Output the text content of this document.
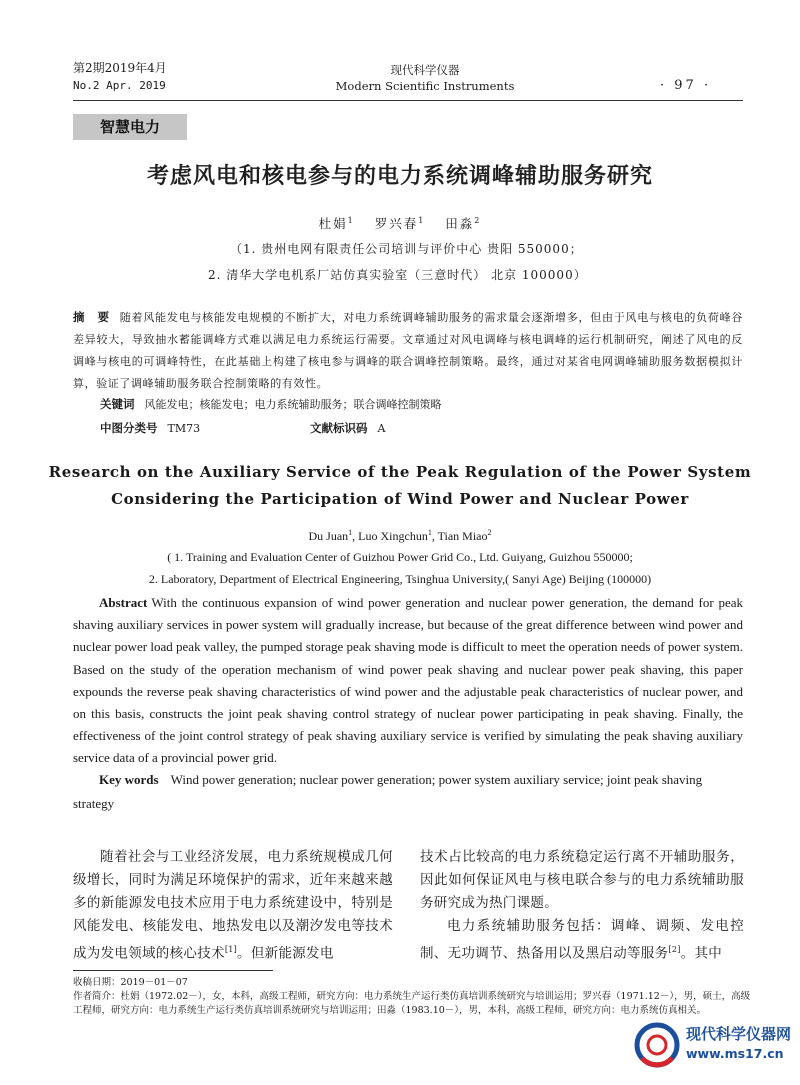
第2期2019年4月
No.2 Apr. 2019
现代科学仪器
Modern Scientific Instruments	· 97 ·
智慧电力
考虑风电和核电参与的电力系统调峰辅助服务研究
杜娟$^1$ 罗兴春$^1$ 田淼$^2$
（1. 贵州电网有限责任公司培训与评价中心 贵阳 550000；
2. 清华大学电机系厂站仿真实验室（三意时代） 北京 100000）
摘　要 随着风能发电与核能发电规模的不断扩大，对电力系统调峰辅助服务的需求量会逐渐增多，但由于风电与核电的负荷峰谷差异较大，导致抽水蓄能调峰方式难以满足电力系统运行需要。文章通过对风电调峰与核电调峰的运行机制研究，阐述了风电的反调峰与核电的可调峰特性，在此基础上构建了核电参与调峰的联合调峰控制策略。最终，通过对某省电网调峰辅助服务数据模拟计算，验证了调峰辅助服务联合控制策略的有效性。
关键词 风能发电；核能发电；电力系统辅助服务；联合调峰控制策略
中图分类号 TM73	文献标识码 A
Research on the Auxiliary Service of the Peak Regulation of the Power System
Considering the Participation of Wind Power and Nuclear Power
Du Juan$^1$, Luo Xingchun$^1$, Tian Miao$^2$
( 1. Training and Evaluation Center of Guizhou Power Grid Co., Ltd. Guiyang, Guizhou 550000;
2. Laboratory, Department of Electrical Engineering, Tsinghua University,( Sanyi Age) Beijing (100000)
Abstract With the continuous expansion of wind power generation and nuclear power generation, the demand for peak shaving auxiliary services in power system will gradually increase, but because of the great difference between wind power and nuclear power load peak valley, the pumped storage peak shaving mode is difficult to meet the operation needs of power system. Based on the study of the operation mechanism of wind power peak shaving and nuclear power peak shaving, this paper expounds the reverse peak shaving characteristics of wind power and the adjustable peak characteristics of nuclear power, and on this basis, constructs the joint peak shaving control strategy of nuclear power participating in peak shaving. Finally, the effectiveness of the joint control strategy of peak shaving auxiliary service is verified by simulating the peak shaving auxiliary service data of a provincial power grid.
Key words Wind power generation; nuclear power generation; power system auxiliary service; joint peak shaving strategy

随着社会与工业经济发展，电力系统规模成几何级增长，同时为满足环境保护的需求，近年来越来越多的新能源发电技术应用于电力系统建设中，特别是风能发电、核能发电、地热发电以及潮汐发电等技术成为发电领域的核心技术[1]。但新能源发电

技术占比较高的电力系统稳定运行离不开辅助服务，因此如何保证风电与核电联合参与的电力系统辅助服务研究成为热门课题。

电力系统辅助服务包括：调峰、调频、发电控制、无功调节、热备用以及黑启动等服务[2]。其中

收稿日期：2019－01－07
作者简介：杜娟（1972.02－），女，本科，高级工程师，研究方向：电力系统生产运行类仿真培训系统研究与培训运用；罗兴春（1971.12－），男，硕士，高级工程师，研究方向：电力系统生产运行类仿真培训系统研究与培训运用；田淼（1983.10－），男，本科，高级工程师，研究方向：电力系统仿真相关。
现代科学仪器网
www.ms17.cn
